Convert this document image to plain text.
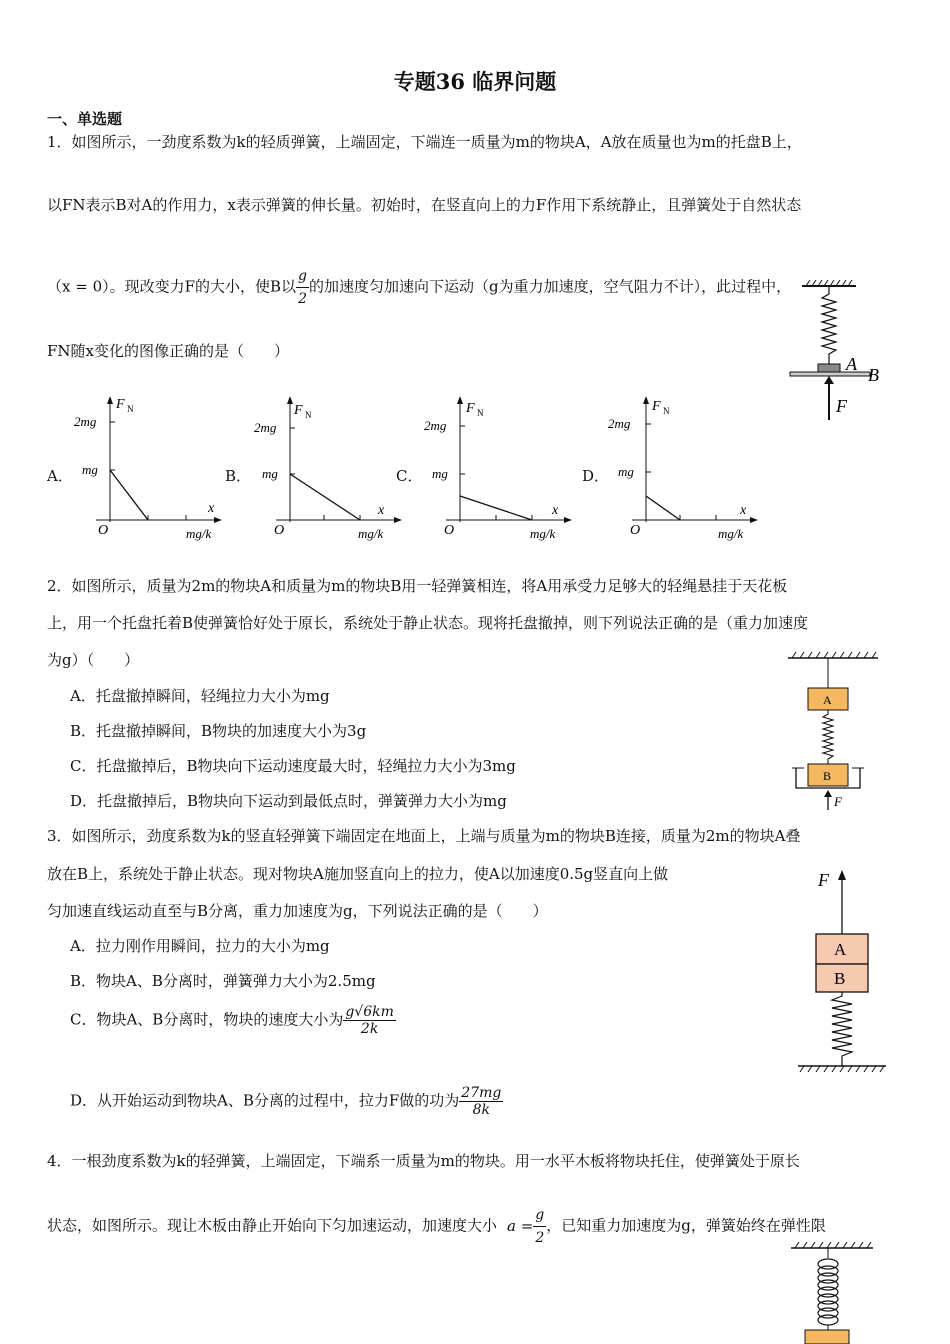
专题36 临界问题
一、单选题
1．如图所示，一劲度系数为k的轻质弹簧，上端固定，下端连一质量为m的物块A，A放在质量也为m的托盘B上，
以FN表示B对A的作用力，x表示弹簧的伸长量。初始时，在竖直向上的力F作用下系统静止，且弹簧处于自然状态
（x = 0）。现改变力F的大小，使B以 $\frac{g}{2}$ 的加速度匀加速向下运动（g为重力加速度，空气阻力不计），此过程中，
FN随x变化的图像正确的是（　　）
A
B
F
A．	B．	C．	D．
F N
2mg
mg
O
x
mg/k
F N
2mg
mg
O
x
mg/k
F N
2mg
mg
O
x
mg/k
F N
2mg
mg
O
x
mg/k
2．如图所示，质量为2m的物块A和质量为m的物块B用一轻弹簧相连，将A用承受力足够大的轻绳悬挂于天花板
上，用一个托盘托着B使弹簧恰好处于原长，系统处于静止状态。现将托盘撤掉，则下列说法正确的是（重力加速度
为g）（　　）
A．托盘撤掉瞬间，轻绳拉力大小为mg
B．托盘撤掉瞬间，B物块的加速度大小为3g
C．托盘撤掉后，B物块向下运动速度最大时，轻绳拉力大小为3mg
D．托盘撤掉后，B物块向下运动到最低点时，弹簧弹力大小为mg
A
B
F
3．如图所示，劲度系数为k的竖直轻弹簧下端固定在地面上，上端与质量为m的物块B连接，质量为2m的物块A叠
放在B上，系统处于静止状态。现对物块A施加竖直向上的拉力，使A以加速度0.5g竖直向上做
匀加速直线运动直至与B分离，重力加速度为g，下列说法正确的是（　　）
A．拉力刚作用瞬间，拉力的大小为mg
B．物块A、B分离时，弹簧弹力大小为2.5mg
C．物块A、B分离时，物块的速度大小为 $\frac{g√6km}{2k}$
D．从开始运动到物块A、B分离的过程中，拉力F做的功为 $\frac{27mg}{8k}$
F
A
B
4．一根劲度系数为k的轻弹簧，上端固定，下端系一质量为m的物块。用一水平木板将物块托住，使弹簧处于原长
状态，如图所示。现让木板由静止开始向下匀加速运动，加速度大小 $a = \frac{g}{2}$ ，已知重力加速度为g，弹簧始终在弹性限
